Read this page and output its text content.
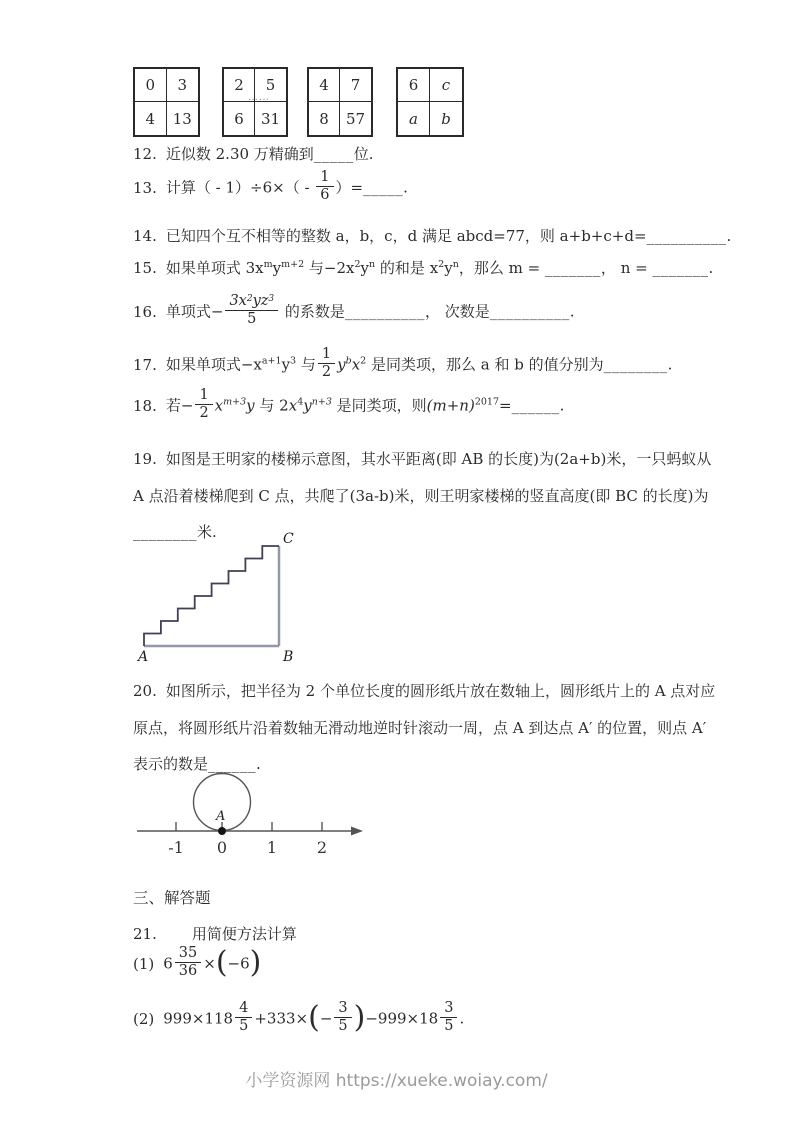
0	3
4	13
2	5
6	31
4	7
8	57
6	c
a	b
……
12. 近似数 2.30 万精确到_____位.
13. 计算（ - $1)\div 6\times( - \frac{1}{6}$ ）=_____.
14. 已知四个互不相等的整数 a，b，c，d 满足 abcd=77，则 a+b+c+d=__________.
15. 如果单项式 $3x^my^{m+2}$ 与$-2x^2y^n$ 的和是 $x^2y^n$，那么 m = _______， n = _______.
16. 单项式− $\frac{3x^2yz^3}{5}$ 的系数是__________， 次数是__________.
17. 如果单项式$-x^{a+1}y^3$ 与 $\frac{1}{2} y^bx^2$ 是同类项，那么 a 和 b 的值分别为________.
18. 若− $\frac{1}{2} x^{m+3}y$ 与 $2x^4y^{n+3}$ 是同类项，则$(m+n)^{2017}=\_\_\_\_\_\_$.
19. 如图是王明家的楼梯示意图，其水平距离(即 AB 的长度)为(2a+b)米，一只蚂蚁从
A 点沿着楼梯爬到 C 点，共爬了(3a-b)米，则王明家楼梯的竖直高度(即 BC 的长度)为
________米.
A	B
C
20. 如图所示，把半径为 2 个单位长度的圆形纸片放在数轴上，圆形纸片上的 A 点对应
原点，将圆形纸片沿着数轴无滑动地逆时针滚动一周，点 A 到达点 A′ 的位置，则点 A′
表示的数是______.
A
-1 0 1 2
三、解答题
21. 用简便方法计算
(1) $6 \frac{35}{36} \times(-6)$
(2) $999\times 118 \frac{4}{5} +333\times(- \frac{3}{5} )-999\times 18 \frac{3}{5}$ .
小学资源网 https://xueke.woiay.com/
